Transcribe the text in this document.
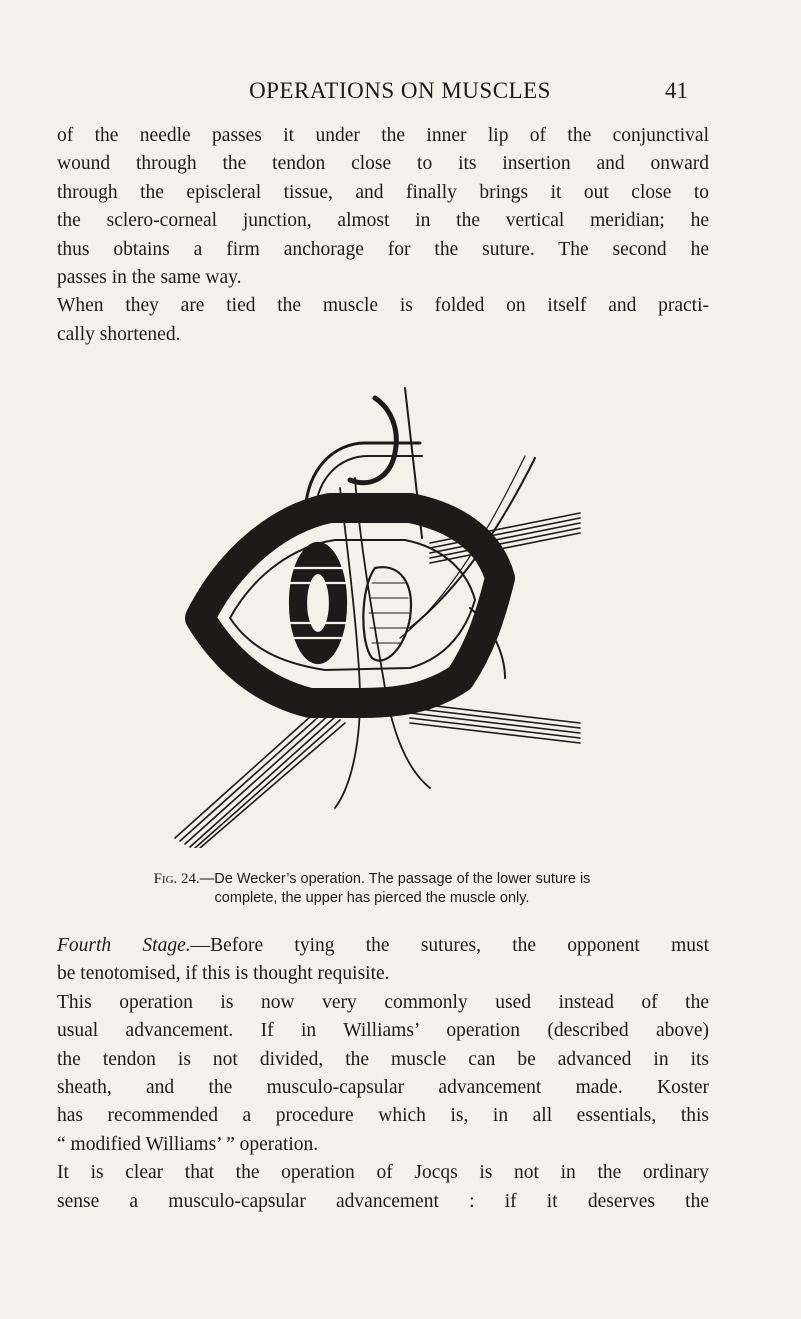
OPERATIONS ON MUSCLES	41
of the needle passes it under the inner lip of the conjunctival
wound through the tendon close to its insertion and onward
through the episcleral tissue, and finally brings it out close to
the sclero-corneal junction, almost in the vertical meridian; he
thus obtains a firm anchorage for the suture. The second he
passes in the same way.
When they are tied the muscle is folded on itself and practi-
cally shortened.
Fig. 24.—De Wecker’s operation. The passage of the lower suture is
complete, the upper has pierced the muscle only.
Fourth Stage.—Before tying the sutures, the opponent must
be tenotomised, if this is thought requisite.
This operation is now very commonly used instead of the
usual advancement. If in Williams’ operation (described above)
the tendon is not divided, the muscle can be advanced in its
sheath, and the musculo-capsular advancement made. Koster
has recommended a procedure which is, in all essentials, this
“ modified Williams’ ” operation.
It is clear that the operation of Jocqs is not in the ordinary
sense a musculo-capsular advancement : if it deserves the
